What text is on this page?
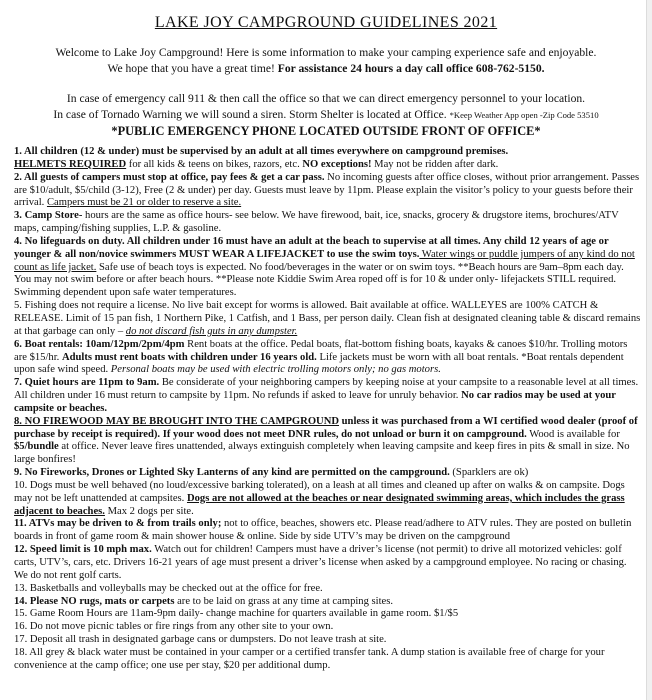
LAKE JOY CAMPGROUND GUIDELINES 2021
Welcome to Lake Joy Campground! Here is some information to make your camping experience safe and enjoyable.
We hope that you have a great time! For assistance 24 hours a day call office 608-762-5150.
In case of emergency call 911 & then call the office so that we can direct emergency personnel to your location.
In case of Tornado Warning we will sound a siren. Storm Shelter is located at Office. *Keep Weather App open -Zip Code 53510
*PUBLIC EMERGENCY PHONE LOCATED OUTSIDE FRONT OF OFFICE*

1. All children (12 & under) must be supervised by an adult at all times everywhere on campground premises.
HELMETS REQUIRED for all kids & teens on bikes, razors, etc. NO exceptions! May not be ridden after dark.

2. All guests of campers must stop at office, pay fees & get a car pass. No incoming guests after office closes, without prior arrangement. Passes are $10/adult, $5/child (3-12), Free (2 & under) per day. Guests must leave by 11pm. Please explain the visitor’s policy to your guests before their arrival. Campers must be 21 or older to reserve a site.

3. Camp Store- hours are the same as office hours- see below. We have firewood, bait, ice, snacks, grocery & drugstore items, brochures/ATV maps, camping/fishing supplies, L.P. & gasoline.

4. No lifeguards on duty. All children under 16 must have an adult at the beach to supervise at all times. Any child 12 years of age or younger & all non/novice swimmers MUST WEAR A LIFEJACKET to use the swim toys. Water wings or puddle jumpers of any kind do not count as life jacket. Safe use of beach toys is expected. No food/beverages in the water or on swim toys. **Beach hours are 9am–8pm each day. You may not swim before or after beach hours. **Please note Kiddie Swim Area roped off is for 10 & under only- lifejackets STILL required. Swimming dependent upon safe water temperatures.

5. Fishing does not require a license. No live bait except for worms is allowed. Bait available at office. WALLEYES are 100% CATCH & RELEASE. Limit of 15 pan fish, 1 Northern Pike, 1 Catfish, and 1 Bass, per person daily. Clean fish at designated cleaning table & discard remains at that garbage can only – do not discard fish guts in any dumpster.

6. Boat rentals: 10am/12pm/2pm/4pm Rent boats at the office. Pedal boats, flat-bottom fishing boats, kayaks & canoes $10/hr. Trolling motors are $15/hr. Adults must rent boats with children under 16 years old. Life jackets must be worn with all boat rentals. *Boat rentals dependent upon safe wind speed. Personal boats may be used with electric trolling motors only; no gas motors.

7. Quiet hours are 11pm to 9am. Be considerate of your neighboring campers by keeping noise at your campsite to a reasonable level at all times. All children under 16 must return to campsite by 11pm. No refunds if asked to leave for unruly behavior. No car radios may be used at your campsite or beaches.

8. NO FIREWOOD MAY BE BROUGHT INTO THE CAMPGROUND unless it was purchased from a WI certified wood dealer (proof of purchase by receipt is required). If your wood does not meet DNR rules, do not unload or burn it on campground. Wood is available for $5/bundle at office. Never leave fires unattended, always extinguish completely when leaving campsite and keep fires in pits & small in size. No large bonfires!

9. No Fireworks, Drones or Lighted Sky Lanterns of any kind are permitted on the campground. (Sparklers are ok)

10. Dogs must be well behaved (no loud/excessive barking tolerated), on a leash at all times and cleaned up after on walks & on campsite. Dogs may not be left unattended at campsites. Dogs are not allowed at the beaches or near designated swimming areas, which includes the grass adjacent to beaches. Max 2 dogs per site.

11. ATVs may be driven to & from trails only; not to office, beaches, showers etc. Please read/adhere to ATV rules. They are posted on bulletin boards in front of game room & main shower house & online. Side by side UTV’s may be driven on the campground

12. Speed limit is 10 mph max. Watch out for children! Campers must have a driver’s license (not permit) to drive all motorized vehicles: golf carts, UTV’s, cars, etc. Drivers 16-21 years of age must present a driver’s license when asked by a campground employee. No racing or chasing. We do not rent golf carts.

13. Basketballs and volleyballs may be checked out at the office for free.

14. Please NO rugs, mats or carpets are to be laid on grass at any time at camping sites.

15. Game Room Hours are 11am-9pm daily- change machine for quarters available in game room. $1/$5

16. Do not move picnic tables or fire rings from any other site to your own.

17. Deposit all trash in designated garbage cans or dumpsters. Do not leave trash at site.

18. All grey & black water must be contained in your camper or a certified transfer tank. A dump station is available free of charge for your convenience at the camp office; one use per stay, $20 per additional dump.
